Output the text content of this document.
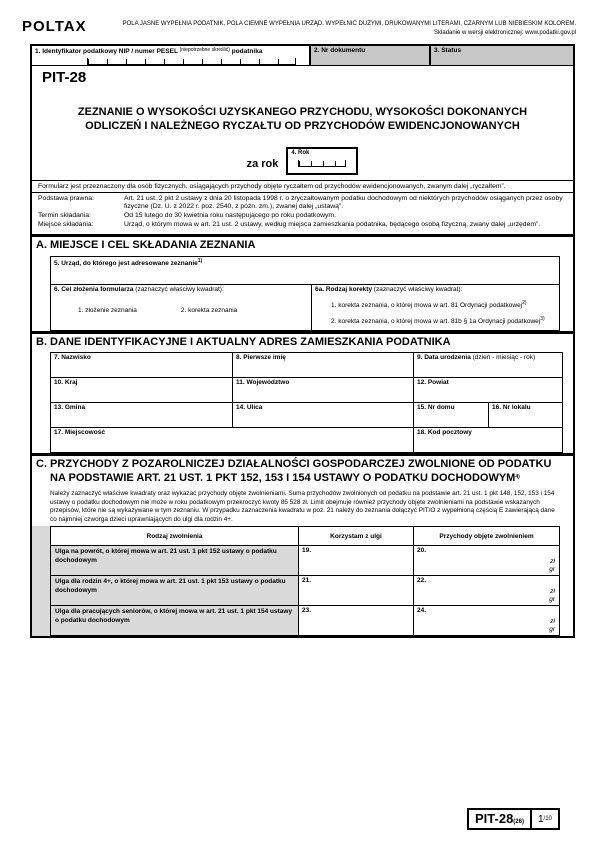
POLTAX	POLA JASNE WYPEŁNIA PODATNIK, POLA CIEMNE WYPEŁNIA URZĄD. WYPEŁNIĆ DUŻYMI, DRUKOWANYMI LITERAMI, CZARNYM LUB NIEBIESKIM KOLOREM.
Składanie w wersji elektronicznej: www.podatki.gov.pl
1. Identyfikator podatkowy NIP / numer PESEL $^{(niepotrzebne skreślić)}$ podatnika	2. Nr dokumentu	3. Status
PIT-28
ZEZNANIE O WYSOKOŚCI UZYSKANEGO PRZYCHODU, WYSOKOŚCI DOKONANYCH
ODLICZEŃ I NALEŻNEGO RYCZAŁTU OD PRZYCHODÓW EWIDENCJONOWANYCH
za rok
4. Rok
Formularz jest przeznaczony dla osób fizycznych, osiągających przychody objęte ryczałtem od przychodów ewidencjonowanych, zwanym dalej „ryczałtem”.
Podstawa prawna:	Art. 21 ust. 2 pkt 2 ustawy z dnia 20 listopada 1998 r. o zryczałtowanym podatku dochodowym od niektórych przychodów osiąganych przez osoby fizyczne (Dz. U. z 2022 r. poz. 2540, z późn. zm.), zwanej dalej „ustawą”.
Termin składania:	Od 15 lutego do 30 kwietnia roku następującego po roku podatkowym.
Miejsce składania:	Urząd, o którym mowa w art. 21 ust. 2 ustawy, według miejsca zamieszkania podatnika, będącego osobą fizyczną, zwany dalej „urzędem”.
A. MIEJSCE I CEL SKŁADANIA ZEZNANIA
5. Urząd, do którego jest adresowane zeznanie$^{1)}$
6. Cel złożenia formularza (zaznaczyć właściwy kwadrat):
1. złożenie zeznania	2. korekta zeznania
6a. Rodzaj korekty (zaznaczyć właściwy kwadrat):
1. korekta zeznania, o której mowa w art. 81 Ordynacji podatkowej$^{2)}$
2. korekta zeznania, o której mowa w art. 81b § 1a Ordynacji podatkowej$^{3)}$
B. DANE IDENTYFIKACYJNE I AKTUALNY ADRES ZAMIESZKANIA PODATNIKA
7. Nazwisko	8. Pierwsze imię	9. Data urodzenia (dzień - miesiąc - rok)
10. Kraj	11. Województwo	12. Powiat
13. Gmina	14. Ulica	15. Nr domu	16. Nr lokalu
17. Miejscowość	18. Kod pocztowy
C. PRZYCHODY Z POZAROLNICZEJ DZIAŁALNOŚCI GOSPODARCZEJ ZWOLNIONE OD PODATKU NA PODSTAWIE ART. 21 UST. 1 PKT 152, 153 I 154 USTAWY O PODATKU DOCHODOWYM$^{4)}$
Należy zaznaczyć właściwe kwadraty oraz wykazać przychody objęte zwolnieniami. Suma przychodów zwolnionych od podatku na podstawie art. 21 ust. 1 pkt 148, 152, 153 i 154 ustawy o podatku dochodowym nie może w roku podatkowym przekroczyć kwoty 85 528 zł. Limit obejmuje również przychody objęte zwolnieniami na podstawie wskazanych przepisów, które nie są wykazywane w tym zeznaniu. W przypadku zaznaczenia kwadratu w poz. 21 należy do zeznania dołączyć PIT/O z wypełnioną częścią E zawierającą dane co najmniej czworga dzieci uprawniających do ulgi dla rodzin 4+.
Rodzaj zwolnienia	Korzystam z ulgi	Przychody objęte zwolnieniem
Ulga na powrót, o której mowa w art. 21 ust. 1 pkt 152 ustawy o podatku dochodowym
19.	20.
zł
gr
Ulga dla rodzin 4+, o której mowa w art. 21 ust. 1 pkt 153 ustawy o podatku dochodowym
21.	22.
zł
gr
Ulga dla pracujących seniorów, o której mowa w art. 21 ust. 1 pkt 154 ustawy o podatku dochodowym
23.	24.
zł
gr
PIT-28(26)	1 /10
